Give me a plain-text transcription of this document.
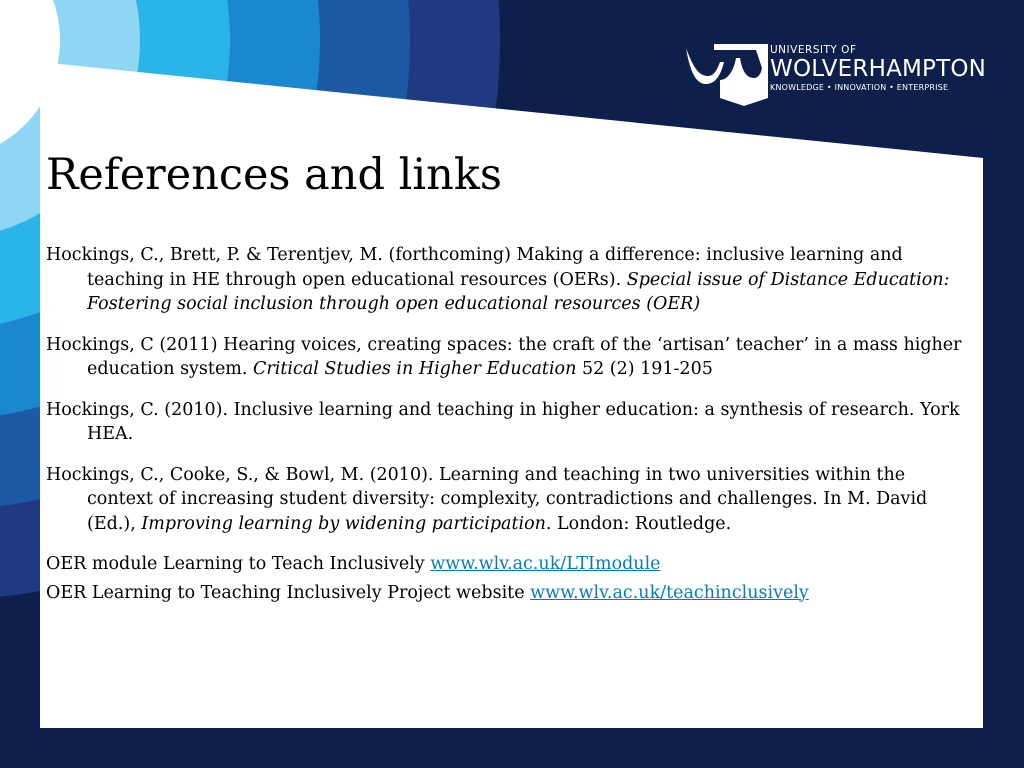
UNIVERSITY OF
WOLVERHAMPTON
KNOWLEDGE • INNOVATION • ENTERPRISE
References and links

Hockings, C., Brett, P. & Terentjev, M. (forthcoming) Making a difference: inclusive learning and teaching in HE through open educational resources (OERs). Special issue of Distance Education: Fostering social inclusion through open educational resources (OER)

Hockings, C (2011) Hearing voices, creating spaces: the craft of the ‘artisan’ teacher’ in a mass higher education system. Critical Studies in Higher Education 52 (2) 191-205

Hockings, C. (2010). Inclusive learning and teaching in higher education: a synthesis of research. York HEA.

Hockings, C., Cooke, S., & Bowl, M. (2010). Learning and teaching in two universities within the context of increasing student diversity: complexity, contradictions and challenges. In M. David (Ed.), Improving learning by widening participation. London: Routledge.

OER module Learning to Teach Inclusively www.wlv.ac.uk/LTImodule

OER Learning to Teaching Inclusively Project website www.wlv.ac.uk/teachinclusively
